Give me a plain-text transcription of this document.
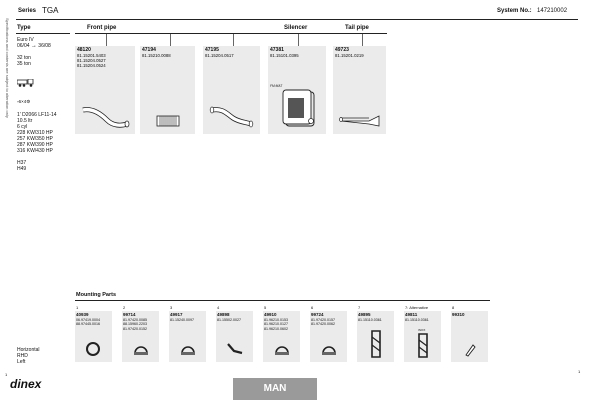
Specifications and contents are subject to alteration only
Series TGA	System No.: 147210002
Type
Euro IV
06/04 → 36/08
32 ton
35 ton
▫6×4⚙
1' D2066 LF11-14
10.5 ltr
6 cyl
228 KW/310 HP
257 KW/350 HP
287 KW/390 HP
316 KW/430 HP
H37
H49
Horizontal
RHD
Left
Front pipe	Silencer	Tail pipe
48120
81.15201.5403
81.15204.0527
81.15204.0524
47194
81.15210.0088
47195
81.15204.0517
47381
81.15101.0395
FM·MAT
49723
81.15201.0219
Mounting Parts
1	2	3	4	5	6	7	7: Alternative	8
40939
06.97419.0004
88.97445.0016
99714
81.97420.0085
88.15960.2203
81.97420.0152
49917
81.15240.0097
49898
81.15502.0027
49910
81.96210.0153
81.96210.0127
81.96210.0602
99724
81.97420.0157
81.97420.0062
49895
81.15110.0361
49811
81.15110.0361
INOX
99310
dinex
1
MAN
1
